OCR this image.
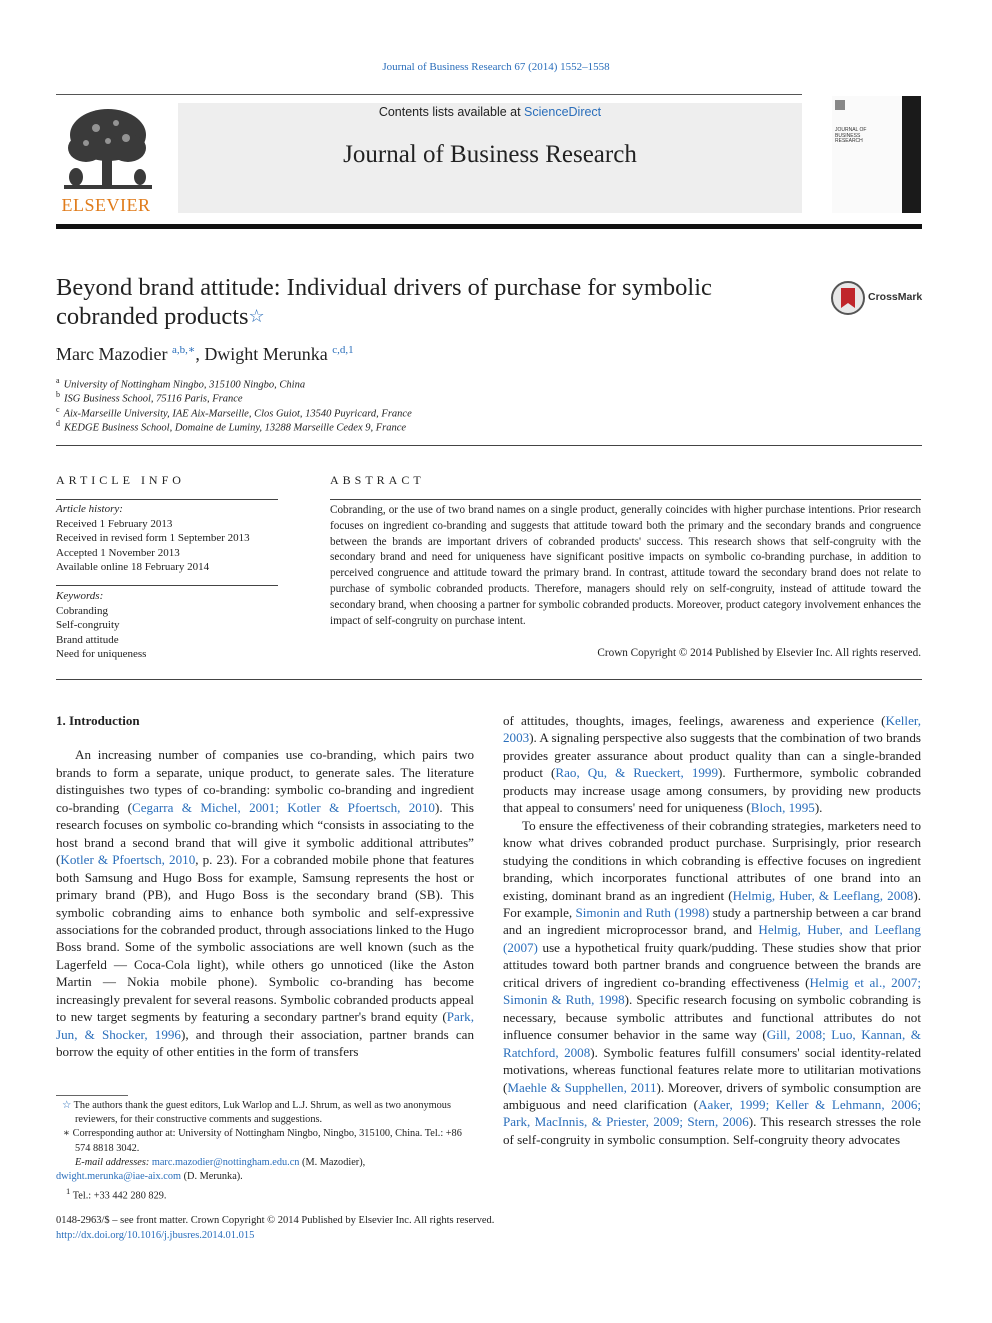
Journal of Business Research 67 (2014) 1552–1558
ELSEVIER
Contents lists available at ScienceDirect
Journal of Business Research
JOURNAL OF
BUSINESS
RESEARCH
Beyond brand attitude: Individual drivers of purchase for symbolic
cobranded products☆
CrossMark
Marc Mazodier $^{a,b,∗}$, Dwight Merunka $^{c,d,1}$
$^a$ University of Nottingham Ningbo, 315100 Ningbo, China
$^b$ ISG Business School, 75116 Paris, France
$^c$ Aix-Marseille University, IAE Aix-Marseille, Clos Guiot, 13540 Puyricard, France
$^d$ KEDGE Business School, Domaine de Luminy, 13288 Marseille Cedex 9, France
ARTICLE INFO
Article history:
Received 1 February 2013
Received in revised form 1 September 2013
Accepted 1 November 2013
Available online 18 February 2014
Keywords:
Cobranding
Self-congruity
Brand attitude
Need for uniqueness
ABSTRACT
Cobranding, or the use of two brand names on a single product, generally coincides with higher purchase intentions. Prior research focuses on ingredient co-branding and suggests that attitude toward both the primary and the secondary brands and congruence between the brands are important drivers of cobranded products' success. This research shows that self-congruity with the secondary brand and need for uniqueness have significant positive impacts on symbolic co-branding purchase, in addition to perceived congruence and attitude toward the primary brand. In contrast, attitude toward the secondary brand does not relate to purchase of symbolic cobranded products. Therefore, managers should rely on self-congruity, instead of attitude toward the secondary brand, when choosing a partner for symbolic cobranded products. Moreover, product category involvement enhances the impact of self-congruity on purchase intent.
Crown Copyright © 2014 Published by Elsevier Inc. All rights reserved.

1. Introduction

An increasing number of companies use co-branding, which pairs two brands to form a separate, unique product, to generate sales. The literature distinguishes two types of co-branding: symbolic co-branding and ingredient co-branding (Cegarra & Michel, 2001; Kotler & Pfoertsch, 2010). This research focuses on symbolic co-branding which “consists in associating to the host brand a second brand that will give it symbolic additional attributes” (Kotler & Pfoertsch, 2010, p. 23). For a cobranded mobile phone that features both Samsung and Hugo Boss for example, Samsung represents the host or primary brand (PB), and Hugo Boss is the secondary brand (SB). This symbolic cobranding aims to enhance both symbolic and self-expressive associations for the cobranded product, through associations linked to the Hugo Boss brand. Some of the symbolic associations are well known (such as the Lagerfeld — Coca-Cola light), while others go unnoticed (like the Aston Martin — Nokia mobile phone). Symbolic co-branding has become increasingly prevalent for several reasons. Symbolic cobranded products appeal to new target segments by featuring a secondary partner's brand equity (Park, Jun, & Shocker, 1996), and through their association, partner brands can borrow the equity of other entities in the form of transfers

of attitudes, thoughts, images, feelings, awareness and experience (Keller, 2003). A signaling perspective also suggests that the combination of two brands provides greater assurance about product quality than can a single-branded product (Rao, Qu, & Rueckert, 1999). Furthermore, symbolic cobranded products may increase usage among consumers, by providing new products that appeal to consumers' need for uniqueness (Bloch, 1995).

To ensure the effectiveness of their cobranding strategies, marketers need to know what drives cobranded product purchase. Surprisingly, prior research studying the conditions in which cobranding is effective focuses on ingredient branding, which incorporates functional attributes of one brand into an existing, dominant brand as an ingredient (Helmig, Huber, & Leeflang, 2008). For example, Simonin and Ruth (1998) study a partnership between a car brand and an ingredient microprocessor brand, and Helmig, Huber, and Leeflang (2007) use a hypothetical fruity quark/pudding. These studies show that prior attitudes toward both partner brands and congruence between the brands are critical drivers of ingredient co-branding effectiveness (Helmig et al., 2007; Simonin & Ruth, 1998). Specific research focusing on symbolic cobranding is necessary, because symbolic attributes and functional attributes do not influence consumer behavior in the same way (Gill, 2008; Luo, Kannan, & Ratchford, 2008). Symbolic features fulfill consumers' social identity-related motivations, whereas functional features relate more to utilitarian motivations (Maehle & Supphellen, 2011). Moreover, drivers of symbolic consumption are ambiguous and need clarification (Aaker, 1999; Keller & Lehmann, 2006; Park, MacInnis, & Priester, 2009; Stern, 2006). This research stresses the role of self-congruity in symbolic consumption. Self-congruity theory advocates

☆ The authors thank the guest editors, Luk Warlop and L.J. Shrum, as well as two anonymous reviewers, for their constructive comments and suggestions.
∗ Corresponding author at: University of Nottingham Ningbo, Ningbo, 315100, China. Tel.: +86 574 8818 3042.
E-mail addresses: marc.mazodier@nottingham.edu.cn (M. Mazodier),
dwight.merunka@iae-aix.com (D. Merunka).
$^1$ Tel.: +33 442 280 829.
0148-2963/$ – see front matter. Crown Copyright © 2014 Published by Elsevier Inc. All rights reserved.
http://dx.doi.org/10.1016/j.jbusres.2014.01.015
